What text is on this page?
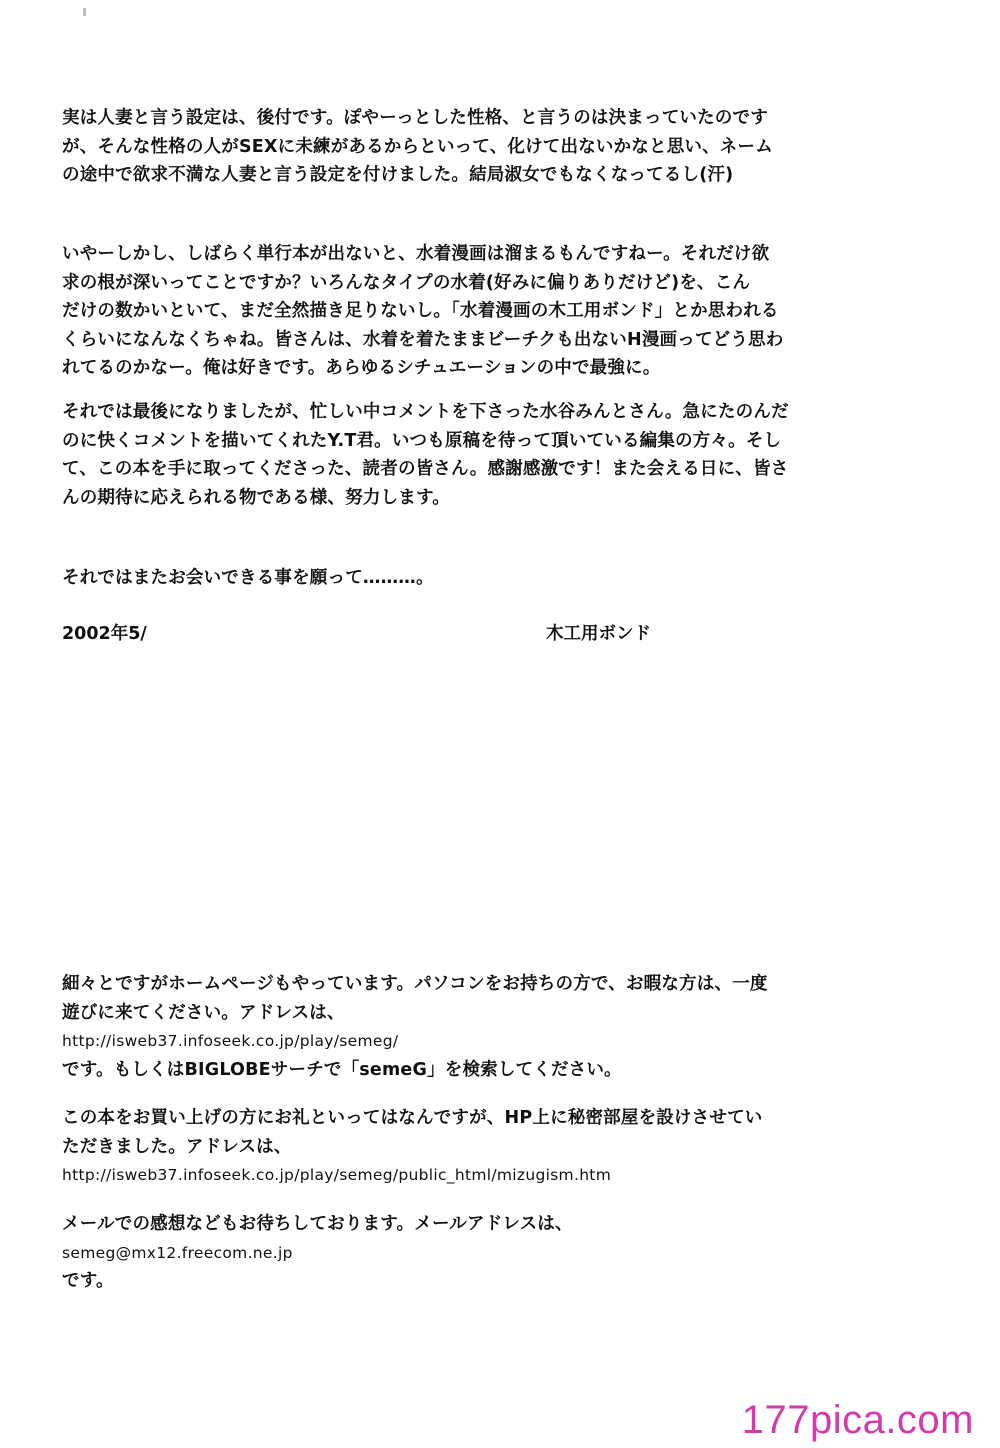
実は人妻と言う設定は、後付です。ぽやーっとした性格、と言うのは決まっていたのです
が、そんな性格の人がSEXに未練があるからといって、化けて出ないかなと思い、ネーム
の途中で欲求不満な人妻と言う設定を付けました。結局淑女でもなくなってるし(汗)

いやーしかし、しばらく単行本が出ないと、水着漫画は溜まるもんですねー。それだけ欲
求の根が深いってことですか？いろんなタイプの水着(好みに偏りありだけど)を、こん
だけの数かいといて、まだ全然描き足りないし。「水着漫画の木工用ボンド」とか思われる
くらいになんなくちゃね。皆さんは、水着を着たままビーチクも出ないH漫画ってどう思わ
れてるのかなー。俺は好きです。あらゆるシチュエーションの中で最強に。

それでは最後になりましたが、忙しい中コメントを下さった水谷みんとさん。急にたのんだ
のに快くコメントを描いてくれたY.T君。いつも原稿を待って頂いている編集の方々。そし
て、この本を手に取ってくださった、読者の皆さん。感謝感激です！また会える日に、皆さ
んの期待に応えられる物である様、努力します。

それではまたお会いできる事を願って………。

2002年5/	木工用ボンド

細々とですがホームページもやっています。パソコンをお持ちの方で、お暇な方は、一度
遊びに来てください。アドレスは、
http://isweb37.infoseek.co.jp/play/semeg/
です。もしくはBIGLOBEサーチで「semeG」を検索してください。

この本をお買い上げの方にお礼といってはなんですが、HP上に秘密部屋を設けさせてい
ただきました。アドレスは、
http://isweb37.infoseek.co.jp/play/semeg/public_html/mizugism.htm

メールでの感想などもお待ちしております。メールアドレスは、
semeg@mx12.freecom.ne.jp
です。

177pica.com
